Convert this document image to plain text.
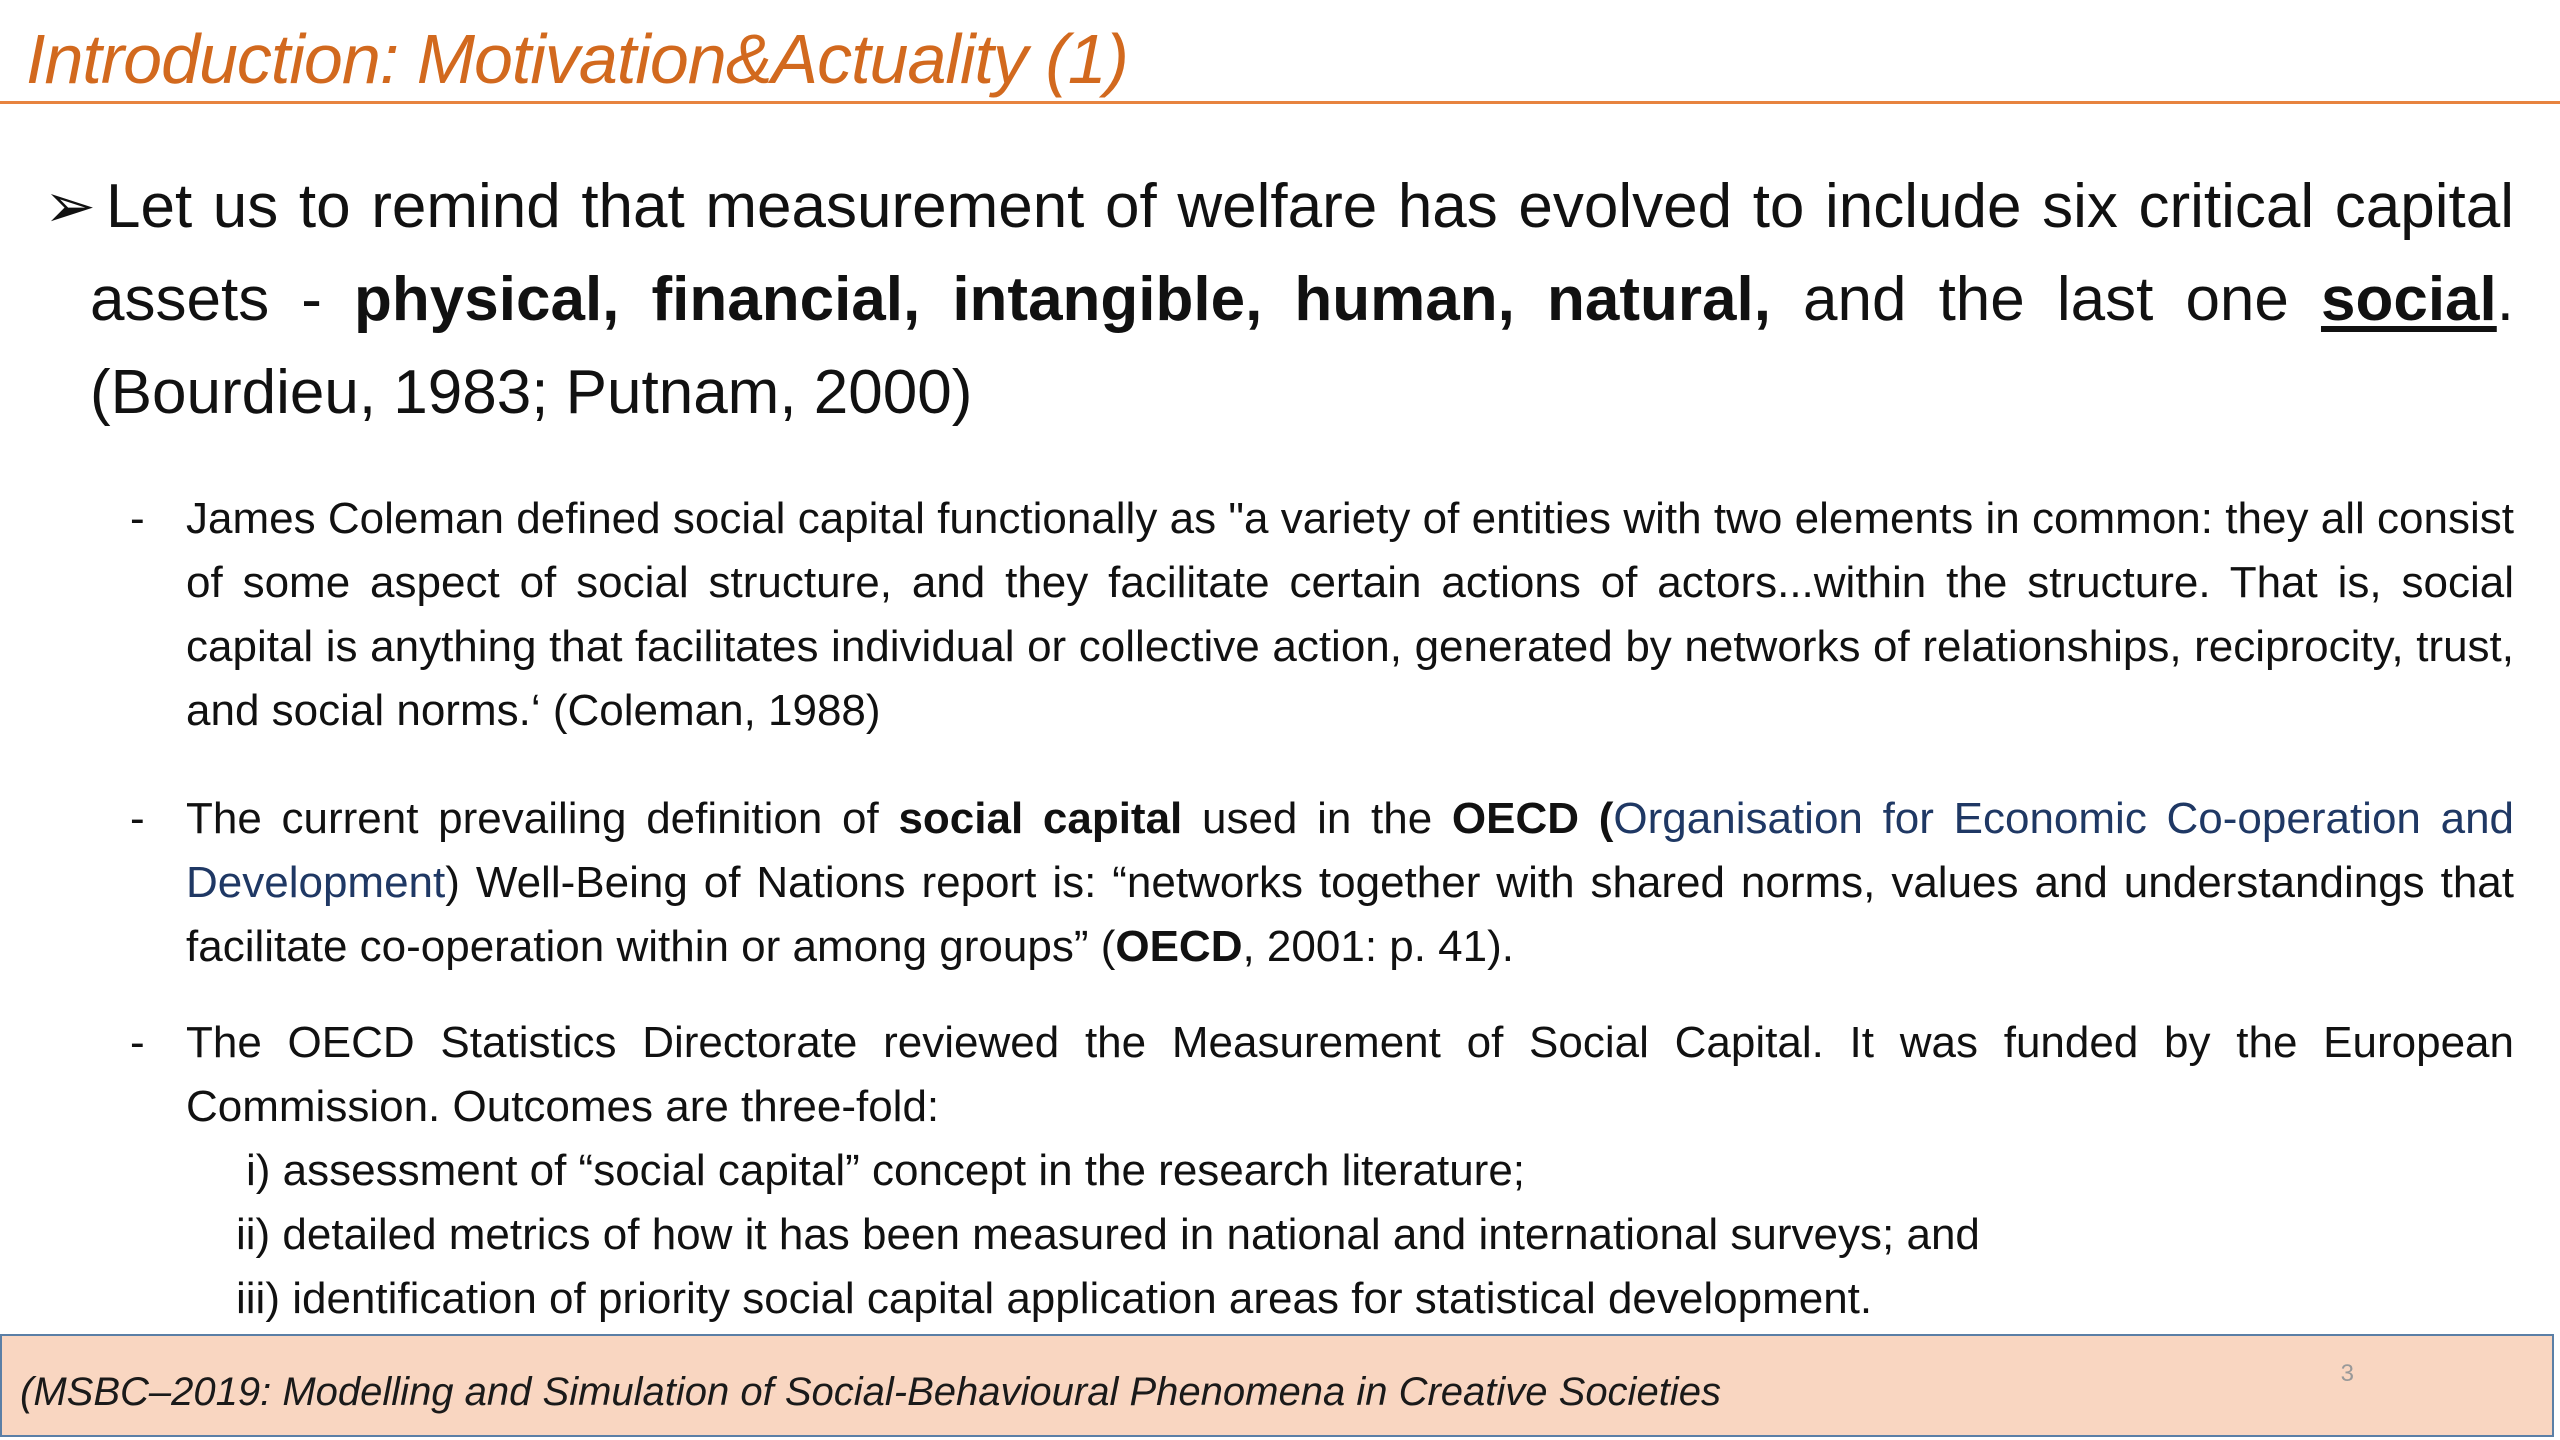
Introduction: Motivation&Actuality (1)
➢ Let us to remind that measurement of welfare has evolved to include six critical capital assets - physical, financial, intangible, human, natural, and the last one social. (Bourdieu, 1983; Putnam, 2000)
- James Coleman defined social capital functionally as "a variety of entities with two elements in common: they all consist of some aspect of social structure, and they facilitate certain actions of actors...within the structure. That is, social capital is anything that facilitates individual or collective action, generated by networks of relationships, reciprocity, trust, and social norms.‘ (Coleman, 1988)
- The current prevailing definition of social capital used in the OECD (Organisation for Economic Co-operation and Development) Well-Being of Nations report is: “networks together with shared norms, values and understandings that facilitate co-operation within or among groups” (OECD, 2001: p. 41).
- The OECD Statistics Directorate reviewed the Measurement of Social Capital. It was funded by the European Commission. Outcomes are three-fold:
i) assessment of “social capital” concept in the research literature;
ii) detailed metrics of how it has been measured in national and international surveys; and
iii) identification of priority social capital application areas for statistical development.
(MSBC–2019: Modelling and Simulation of Social-Behavioural Phenomena in Creative Societies	3
